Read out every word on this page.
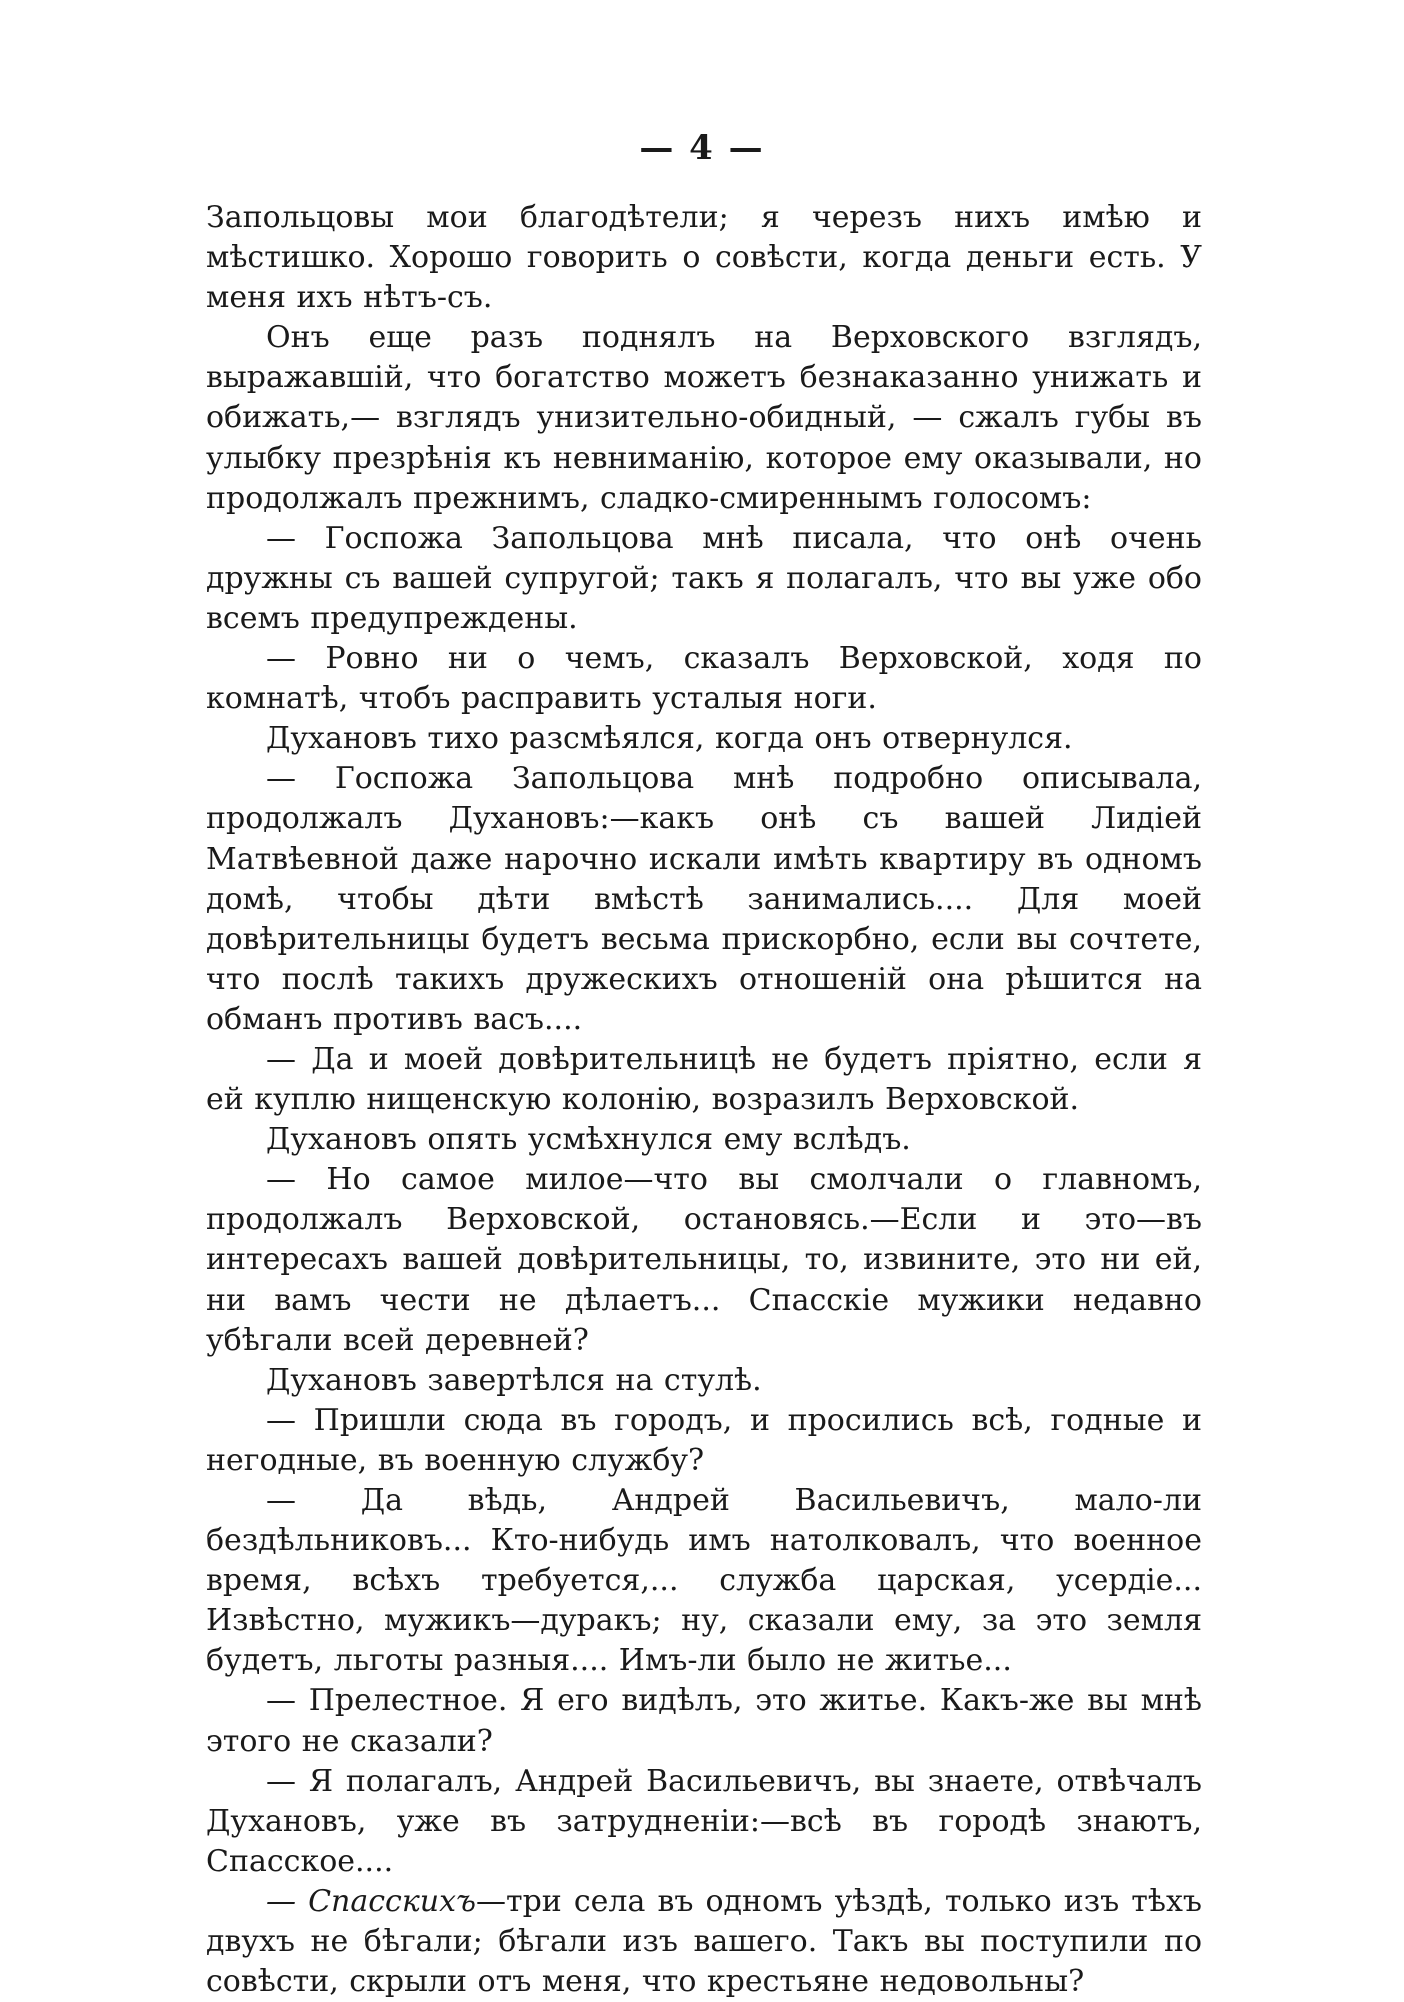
— 4 —

Запольцовы мои благодѣтели; я черезъ нихъ имѣю и мѣстишко. Хорошо говорить о совѣсти, когда деньги есть. У меня ихъ нѣтъ-съ.

Онъ еще разъ поднялъ на Верховского взглядъ, выражавшій, что богатство можетъ безнаказанно унижать и обижать,— взглядъ унизительно-обидный, — сжалъ губы въ улыбку презрѣнія къ невниманію, которое ему оказывали, но продолжалъ прежнимъ, сладко-смиреннымъ голосомъ:

— Госпожа Запольцова мнѣ писала, что онѣ очень дружны съ вашей супругой; такъ я полагалъ, что вы уже обо всемъ предупреждены.

— Ровно ни о чемъ, сказалъ Верховской, ходя по комнатѣ, чтобъ расправить усталыя ноги.

Духановъ тихо разсмѣялся, когда онъ отвернулся.

— Госпожа Запольцова мнѣ подробно описывала, продолжалъ Духановъ:—какъ онѣ съ вашей Лидіей Матвѣевной даже нарочно искали имѣть квартиру въ одномъ домѣ, чтобы дѣти вмѣстѣ занимались.... Для моей довѣрительницы будетъ весьма прискорбно, если вы сочтете, что послѣ такихъ дружескихъ отношеній она рѣшится на обманъ противъ васъ....

— Да и моей довѣрительницѣ не будетъ пріятно, если я ей куплю нищенскую колонію, возразилъ Верховской.

Духановъ опять усмѣхнулся ему вслѣдъ.

— Но самое милое—что вы смолчали о главномъ, продолжалъ Верховской, остановясь.—Если и это—въ интересахъ вашей довѣрительницы, то, извините, это ни ей, ни вамъ чести не дѣлаетъ... Спасскіе мужики недавно убѣгали всей деревней?

Духановъ завертѣлся на стулѣ.

— Пришли сюда въ городъ, и просились всѣ, годные и негодные, въ военную службу?

— Да вѣдь, Андрей Васильевичъ, мало-ли бездѣльниковъ... Кто-нибудь имъ натолковалъ, что военное время, всѣхъ требуется,... служба царская, усердіе... Извѣстно, мужикъ—дуракъ; ну, сказали ему, за это земля будетъ, льготы разныя.... Имъ-ли было не житье...

— Прелестное. Я его видѣлъ, это житье. Какъ-же вы мнѣ этого не сказали?

— Я полагалъ, Андрей Васильевичъ, вы знаете, отвѣчалъ Духановъ, уже въ затрудненіи:—всѣ въ городѣ знаютъ, Спасское....

— Спасскихъ—три села въ одномъ уѣздѣ, только изъ тѣхъ двухъ не бѣгали; бѣгали изъ вашего. Такъ вы поступили по совѣсти, скрыли отъ меня, что крестьяне недовольны?
